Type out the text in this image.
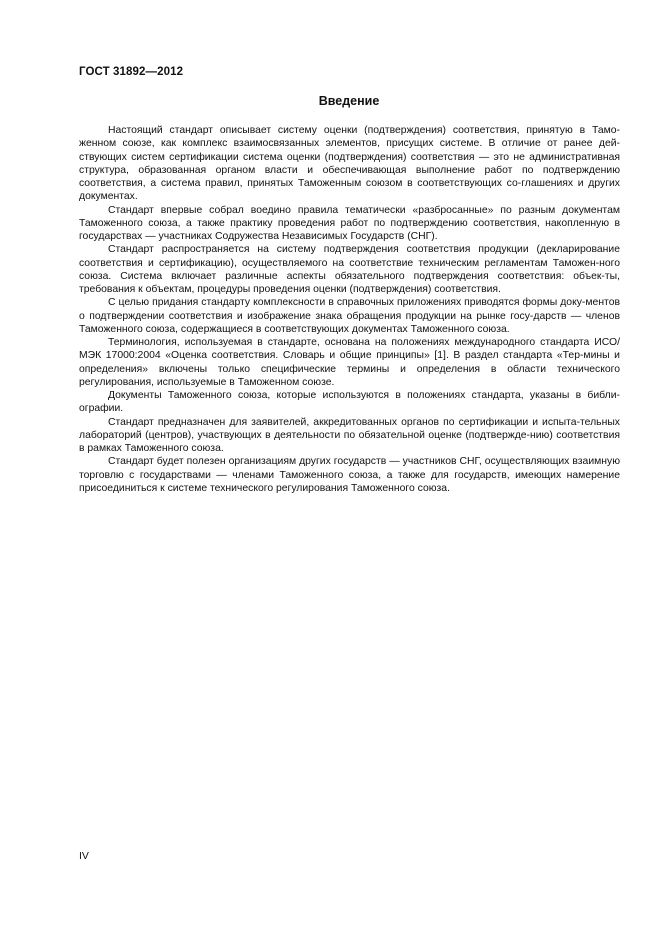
ГОСТ 31892—2012
Введение

Настоящий стандарт описывает систему оценки (подтверждения) соответствия, принятую в Тамо-женном союзе, как комплекс взаимосвязанных элементов, присущих системе. В отличие от ранее дей-ствующих систем сертификации система оценки (подтверждения) соответствия — это не административная структура, образованная органом власти и обеспечивающая выполнение работ по подтверждению соответствия, а система правил, принятых Таможенным союзом в соответствующих со-глашениях и других документах.

Стандарт впервые собрал воедино правила тематически «разбросанные» по разным документам Таможенного союза, а также практику проведения работ по подтверждению соответствия, накопленную в государствах — участниках Содружества Независимых Государств (СНГ).

Стандарт распространяется на систему подтверждения соответствия продукции (декларирование соответствия и сертификацию), осуществляемого на соответствие техническим регламентам Таможен-ного союза. Система включает различные аспекты обязательного подтверждения соответствия: объек-ты, требования к объектам, процедуры проведения оценки (подтверждения) соответствия.

С целью придания стандарту комплексности в справочных приложениях приводятся формы доку-ментов о подтверждении соответствия и изображение знака обращения продукции на рынке госу-дарств — членов Таможенного союза, содержащиеся в соответствующих документах Таможенного союза.

Терминология, используемая в стандарте, основана на положениях международного стандарта ИСО/МЭК 17000:2004 «Оценка соответствия. Словарь и общие принципы» [1]. В раздел стандарта «Тер-мины и определения» включены только специфические термины и определения в области технического регулирования, используемые в Таможенном союзе.

Документы Таможенного союза, которые используются в положениях стандарта, указаны в библи-ографии.

Стандарт предназначен для заявителей, аккредитованных органов по сертификации и испыта-тельных лабораторий (центров), участвующих в деятельности по обязательной оценке (подтвержде-нию) соответствия в рамках Таможенного союза.

Стандарт будет полезен организациям других государств — участников СНГ, осуществляющих взаимную торговлю с государствами — членами Таможенного союза, а также для государств, имеющих намерение присоединиться к системе технического регулирования Таможенного союза.

IV
